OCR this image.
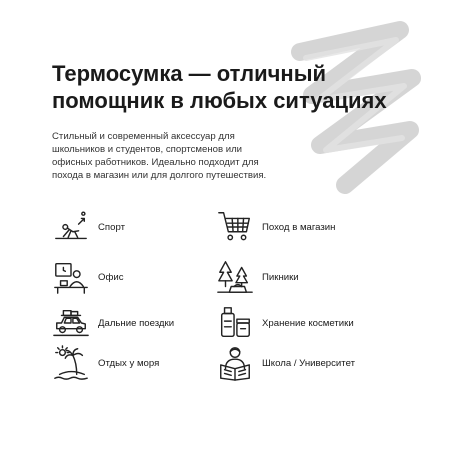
Термосумка — отличный
помощник в любых ситуациях
Стильный и современный аксессуар для
школьников и студентов, спортсменов или
офисных работников. Идеально подходит для
похода в магазин или для долгого путешествия.
Спорт
Офис
Дальние поездки
Отдых у моря
Поход в магазин
Пикники
Хранение косметики
Школа / Университет
